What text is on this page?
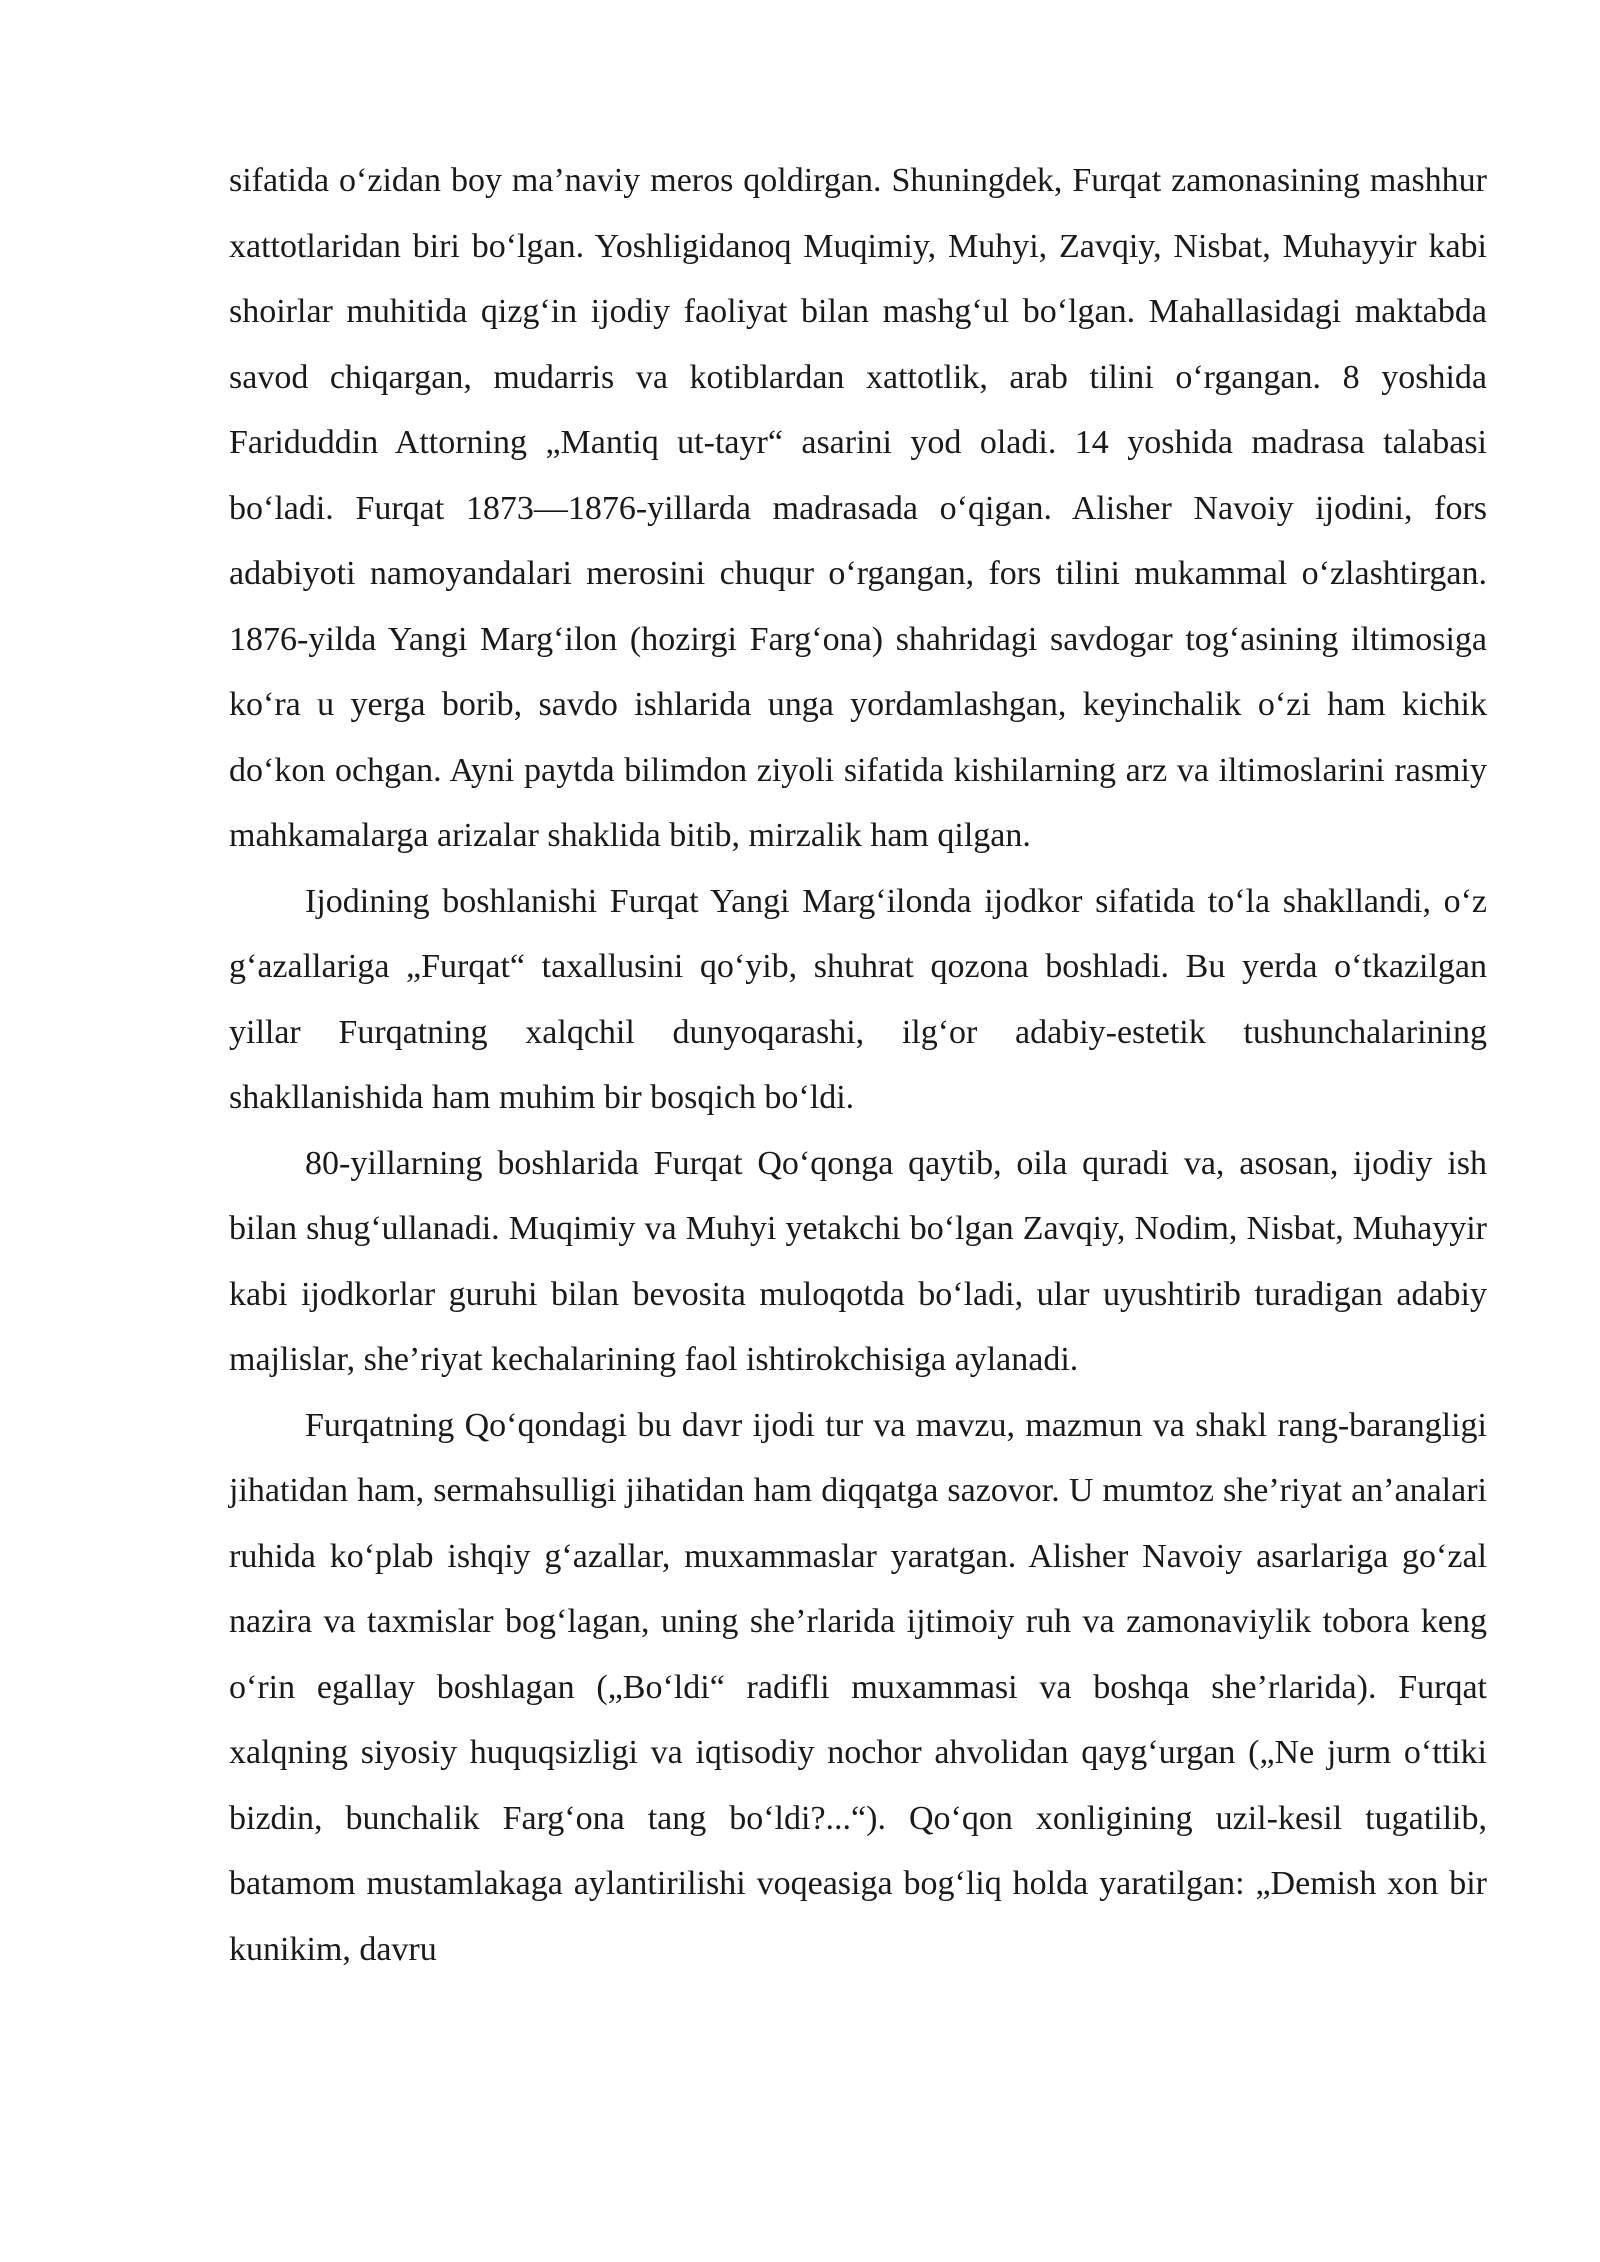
sifatida o‘zidan boy ma’naviy meros qoldirgan. Shuningdek, Furqat zamonasining mashhur xattotlaridan biri bo‘lgan. Yoshligidanoq Muqimiy, Muhyi, Zavqiy, Nisbat, Muhayyir kabi shoirlar muhitida qizg‘in ijodiy faoliyat bilan mashg‘ul bo‘lgan. Mahallasidagi maktabda savod chiqargan, mudarris va kotiblardan xattotlik, arab tilini o‘rgangan. 8 yoshida Fariduddin Attorning „Mantiq ut-tayr“ asarini yod oladi. 14 yoshida madrasa talabasi bo‘ladi. Furqat 1873—1876-yillarda madrasada o‘qigan. Alisher Navoiy ijodini, fors adabiyoti namoyandalari merosini chuqur o‘rgangan, fors tilini mukammal o‘zlashtirgan. 1876-yilda Yangi Marg‘ilon (hozirgi Farg‘ona) shahridagi savdogar tog‘asining iltimosiga ko‘ra u yerga borib, savdo ishlarida unga yordamlashgan, keyinchalik o‘zi ham kichik do‘kon ochgan. Ayni paytda bilimdon ziyoli sifatida kishilarning arz va iltimoslarini rasmiy mahkamalarga arizalar shaklida bitib, mirzalik ham qilgan.

Ijodining boshlanishi Furqat Yangi Marg‘ilonda ijodkor sifatida to‘la shakllandi, o‘z g‘azallariga „Furqat“ taxallusini qo‘yib, shuhrat qozona boshladi. Bu yerda o‘tkazilgan yillar Furqatning xalqchil dunyoqarashi, ilg‘or adabiy-estetik tushunchalarining shakllanishida ham muhim bir bosqich bo‘ldi.

80-yillarning boshlarida Furqat Qo‘qonga qaytib, oila quradi va, asosan, ijodiy ish bilan shug‘ullanadi. Muqimiy va Muhyi yetakchi bo‘lgan Zavqiy, Nodim, Nisbat, Muhayyir kabi ijodkorlar guruhi bilan bevosita muloqotda bo‘ladi, ular uyushtirib turadigan adabiy majlislar, she’riyat kechalarining faol ishtirokchisiga aylanadi.

Furqatning Qo‘qondagi bu davr ijodi tur va mavzu, mazmun va shakl rang-barangligi jihatidan ham, sermahsulligi jihatidan ham diqqatga sazovor. U mumtoz she’riyat an’analari ruhida ko‘plab ishqiy g‘azallar, muxammaslar yaratgan. Alisher Navoiy asarlariga go‘zal nazira va taxmislar bog‘lagan, uning she’rlarida ijtimoiy ruh va zamonaviylik tobora keng o‘rin egallay boshlagan („Bo‘ldi“ radifli muxammasi va boshqa she’rlarida). Furqat xalqning siyosiy huquqsizligi va iqtisodiy nochor ahvolidan qayg‘urgan („Ne jurm o‘ttiki bizdin, bunchalik Farg‘ona tang bo‘ldi?...“). Qo‘qon xonligining uzil-kesil tugatilib, batamom mustamlakaga aylantirilishi voqeasiga bog‘liq holda yaratilgan: „Demish xon bir kunikim, davru
